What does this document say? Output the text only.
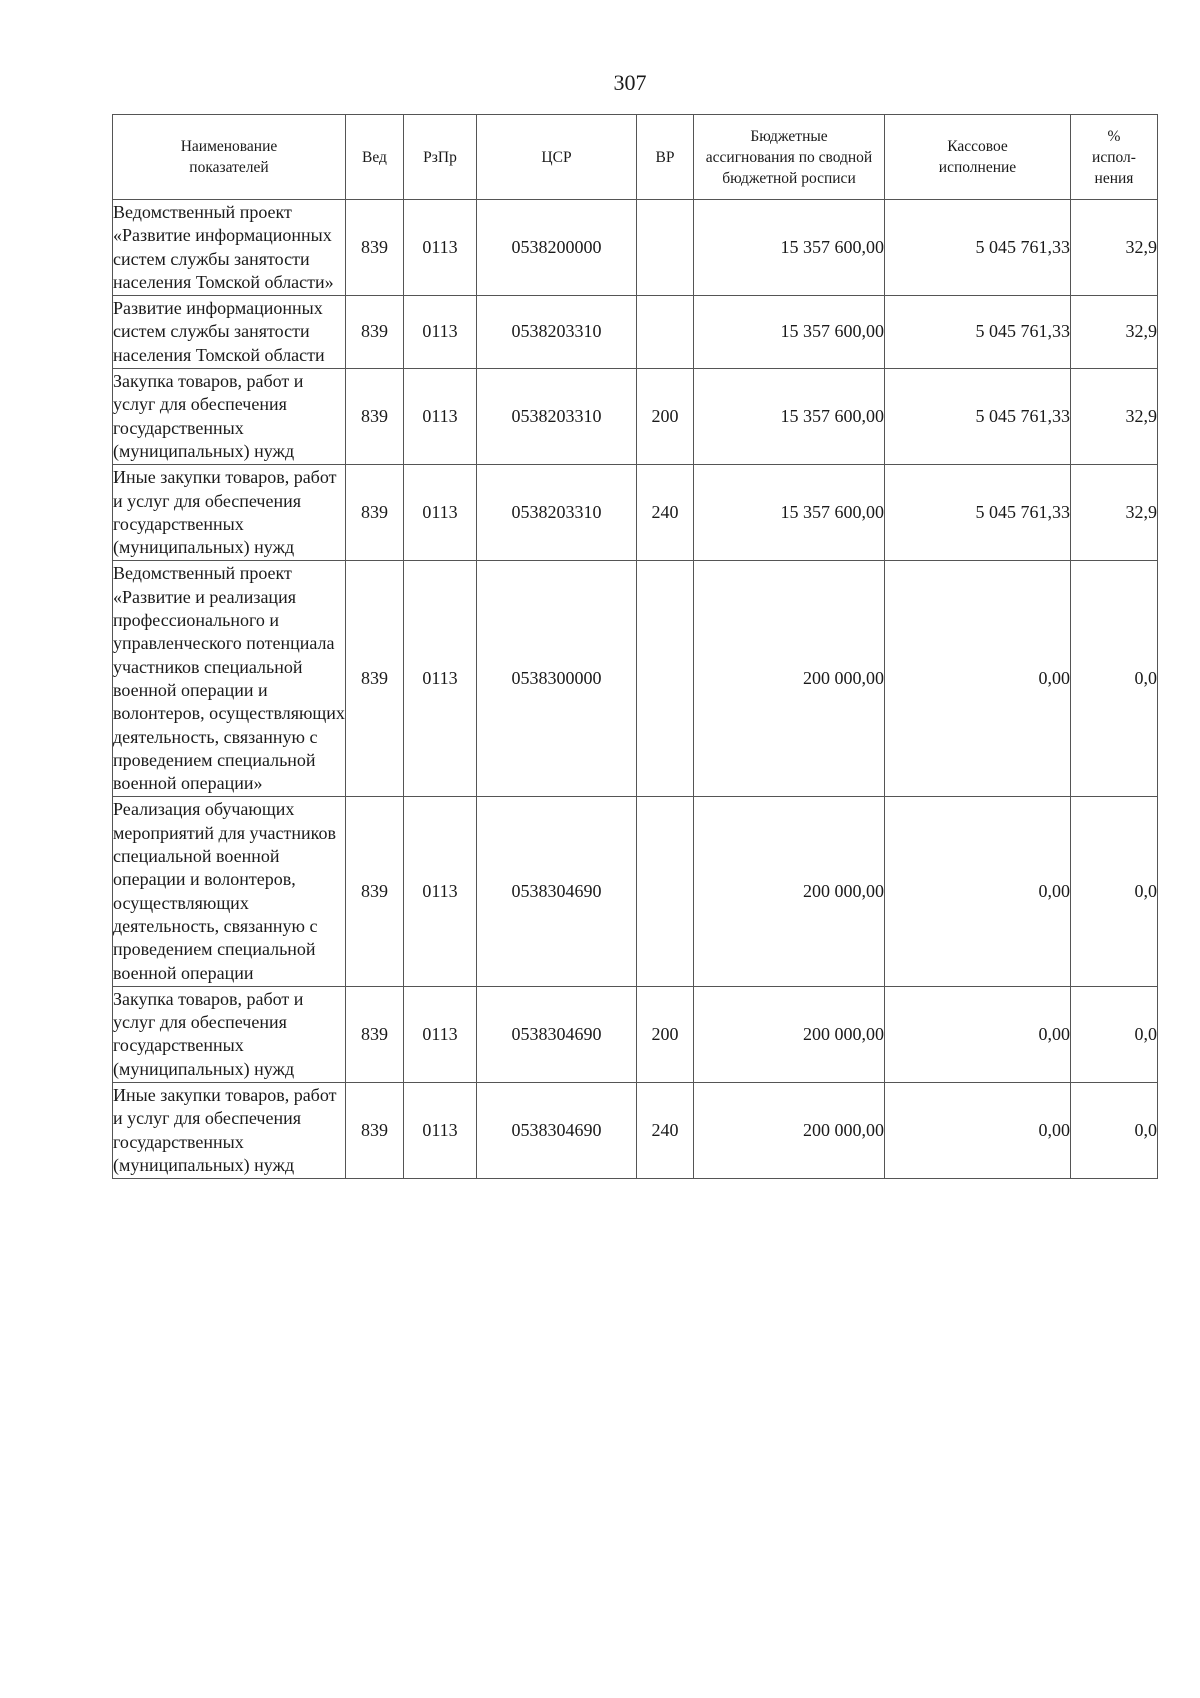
307
Наименование показателей	Вед	РзПр	ЦСР	ВР	Бюджетные ассигнования по сводной бюджетной росписи	Кассовое исполнение	% испол-нения
Ведомственный проект «Развитие информационных систем службы занятости населения Томской области»	839	0113	0538200000		15 357 600,00	5 045 761,33	32,9
Развитие информационных систем службы занятости населения Томской области	839	0113	0538203310		15 357 600,00	5 045 761,33	32,9
Закупка товаров, работ и услуг для обеспечения государственных (муниципальных) нужд	839	0113	0538203310	200	15 357 600,00	5 045 761,33	32,9
Иные закупки товаров, работ и услуг для обеспечения государственных (муниципальных) нужд	839	0113	0538203310	240	15 357 600,00	5 045 761,33	32,9
Ведомственный проект «Развитие и реализация профессионального и управленческого потенциала участников специальной военной операции и волонтеров, осуществляющих деятельность, связанную с проведением специальной военной операции»	839	0113	0538300000		200 000,00	0,00	0,0
Реализация обучающих мероприятий для участников специальной военной операции и волонтеров, осуществляющих деятельность, связанную с проведением специальной военной операции	839	0113	0538304690		200 000,00	0,00	0,0
Закупка товаров, работ и услуг для обеспечения государственных (муниципальных) нужд	839	0113	0538304690	200	200 000,00	0,00	0,0
Иные закупки товаров, работ и услуг для обеспечения государственных (муниципальных) нужд	839	0113	0538304690	240	200 000,00	0,00	0,0
